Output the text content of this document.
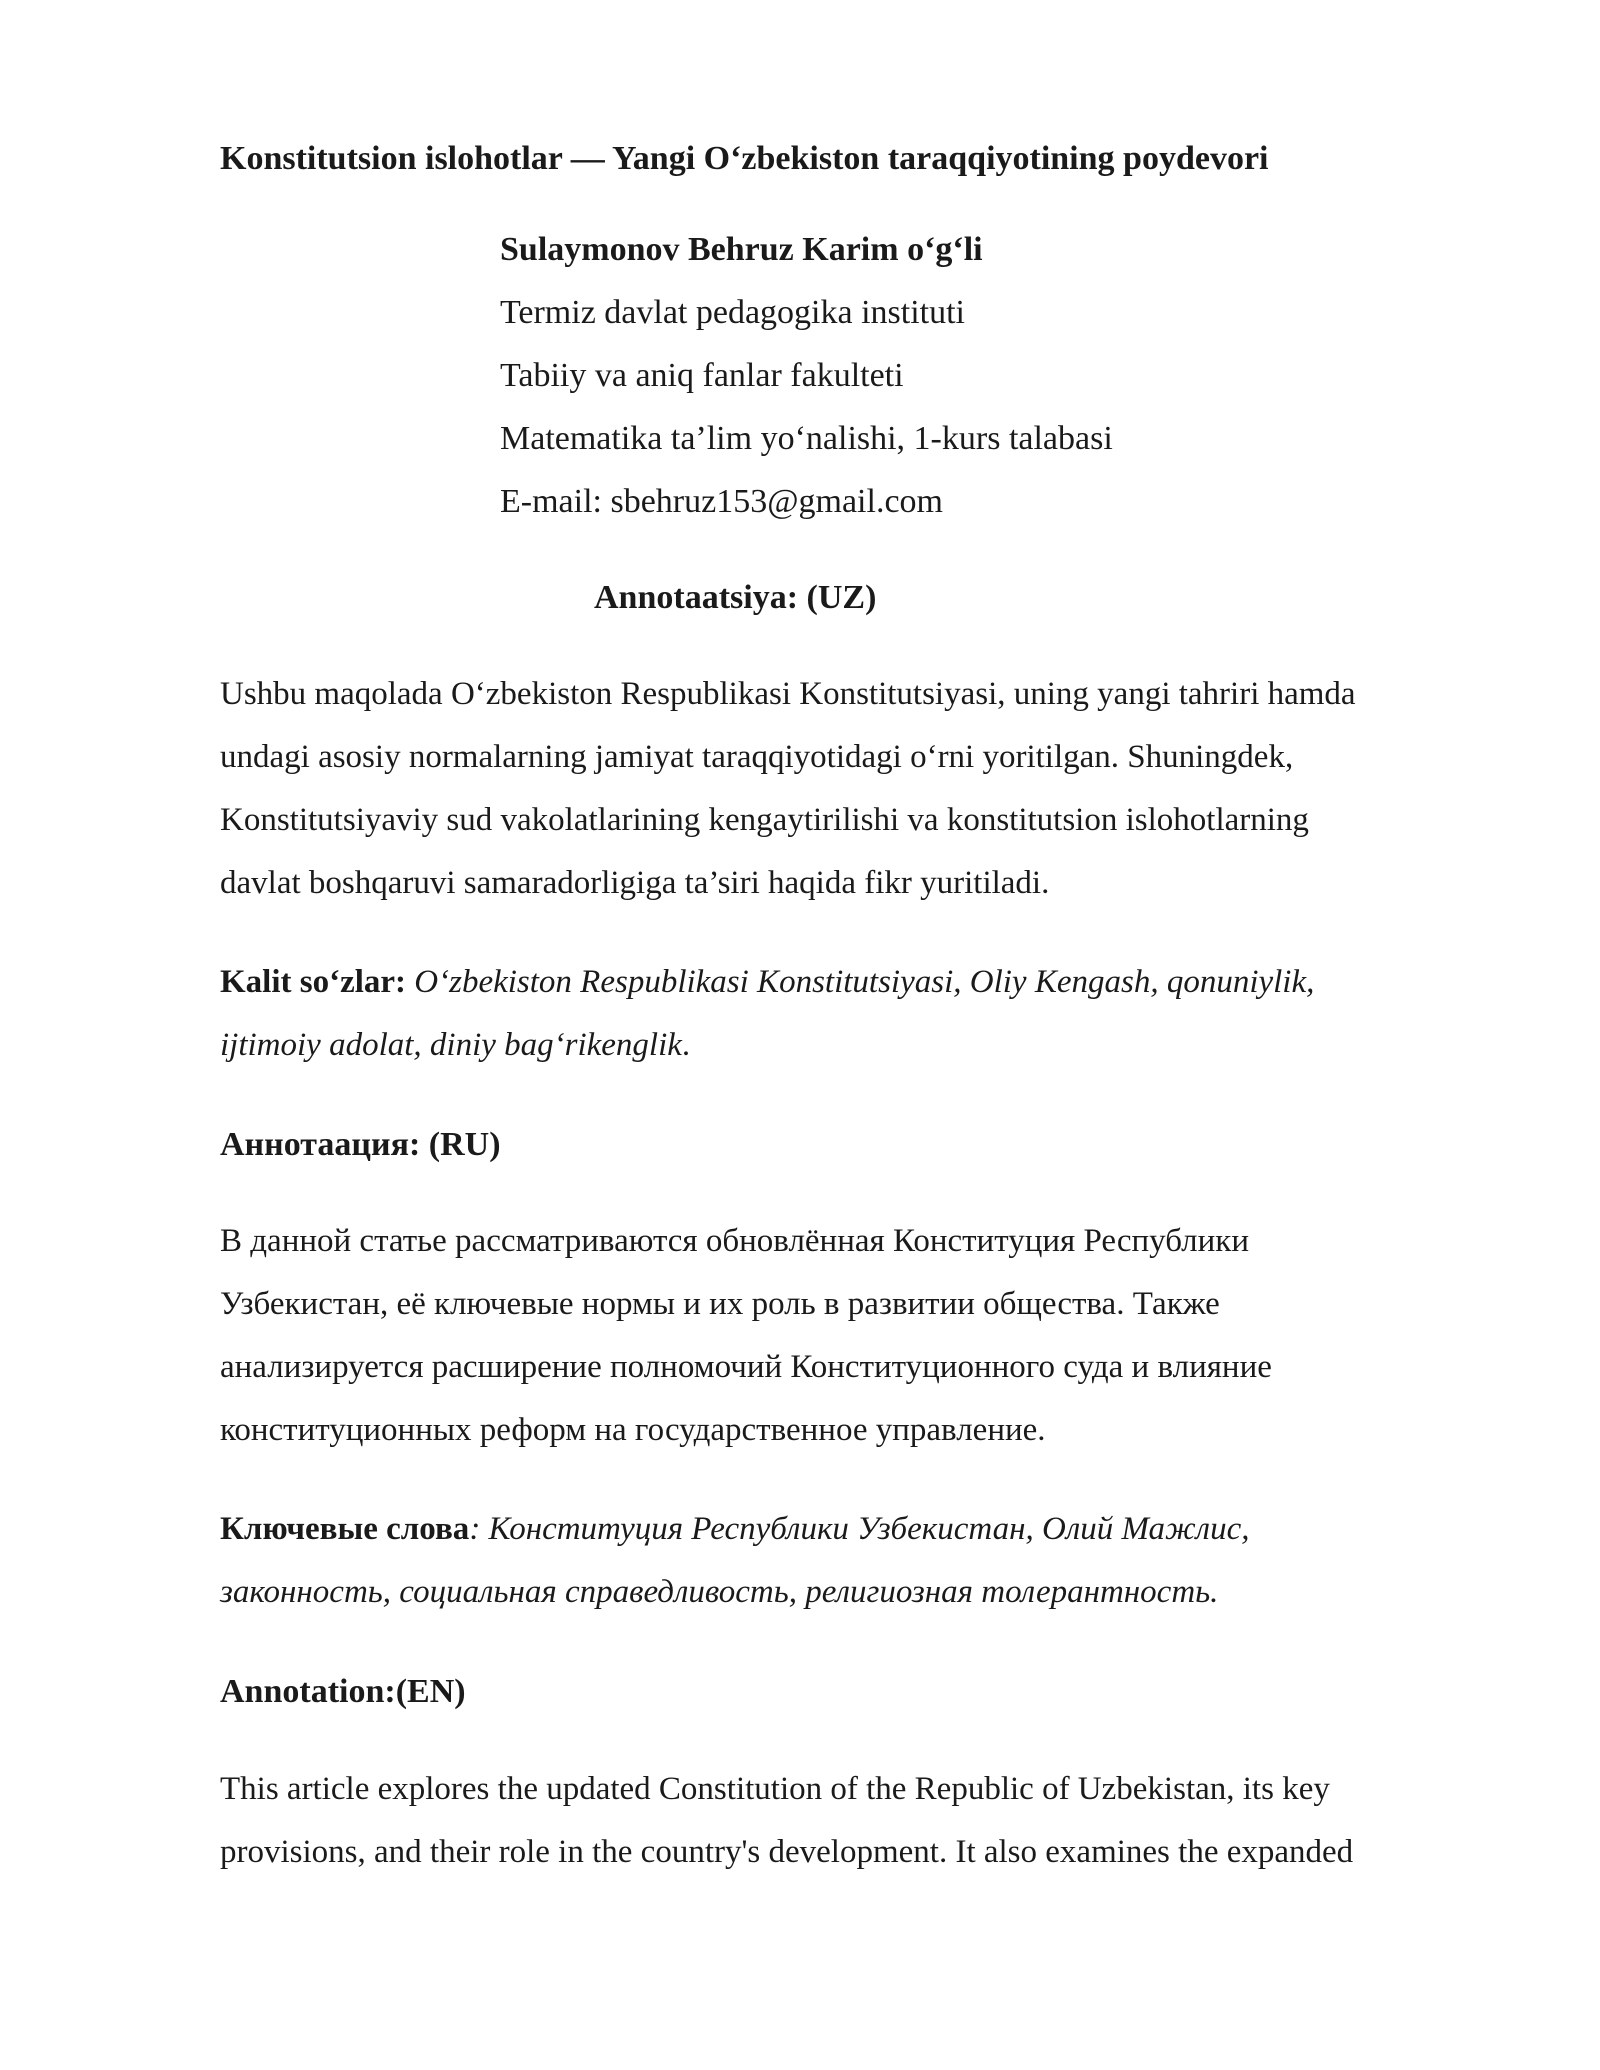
Konstitutsion islohotlar — Yangi O‘zbekiston taraqqiyotining poydevori
Sulaymonov Behruz Karim o‘g‘li
Termiz davlat pedagogika instituti
Tabiiy va aniq fanlar fakulteti
Matematika ta’lim yo‘nalishi, 1-kurs talabasi
E-mail: sbehruz153@gmail.com
Annotaatsiya: (UZ)
Ushbu maqolada O‘zbekiston Respublikasi Konstitutsiyasi, uning yangi tahriri hamda
undagi asosiy normalarning jamiyat taraqqiyotidagi o‘rni yoritilgan. Shuningdek,
Konstitutsiyaviy sud vakolatlarining kengaytirilishi va konstitutsion islohotlarning
davlat boshqaruvi samaradorligiga ta’siri haqida fikr yuritiladi.
Kalit so‘zlar: O‘zbekiston Respublikasi Konstitutsiyasi, Oliy Kengash, qonuniylik,
ijtimoiy adolat, diniy bag‘rikenglik.
Аннотаация: (RU)
В данной статье рассматриваются обновлённая Конституция Республики
Узбекистан, её ключевые нормы и их роль в развитии общества. Также
анализируется расширение полномочий Конституционного суда и влияние
конституционных реформ на государственное управление.
Ключевые слова: Конституция Республики Узбекистан, Олий Мажлис,
законность, социальная справедливость, религиозная толерантность.
Annotation:(EN)
This article explores the updated Constitution of the Republic of Uzbekistan, its key
provisions, and their role in the country's development. It also examines the expanded
